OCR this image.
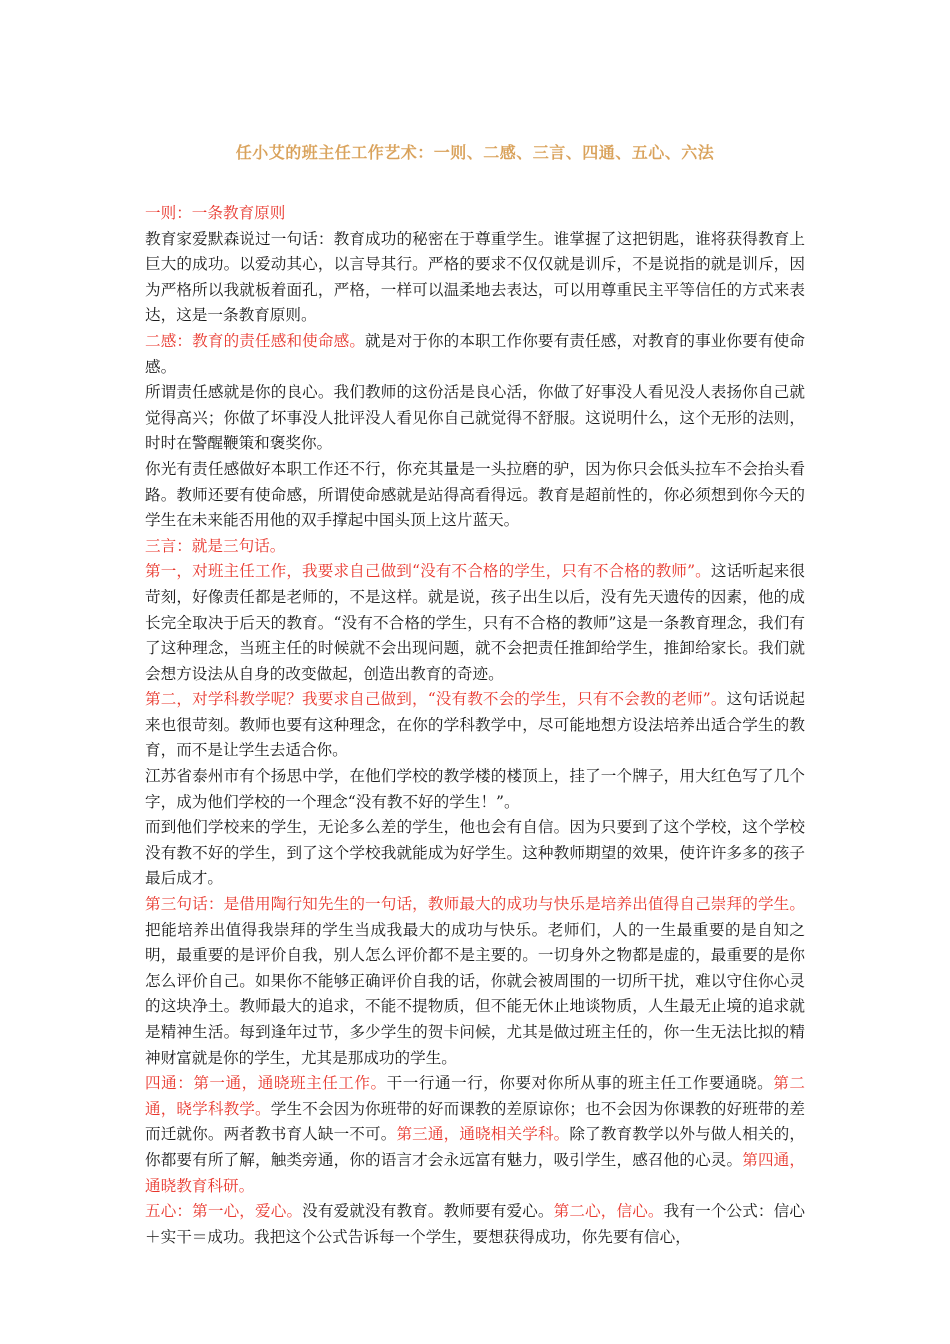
任小艾的班主任工作艺术：一则、二感、三言、四通、五心、六法

一则：一条教育原则

教育家爱默森说过一句话：教育成功的秘密在于尊重学生。谁掌握了这把钥匙，谁将获得教育上巨大的成功。以爱动其心，以言导其行。严格的要求不仅仅就是训斥，不是说指的就是训斥，因为严格所以我就板着面孔，严格，一样可以温柔地去表达，可以用尊重民主平等信任的方式来表达，这是一条教育原则。

二感：教育的责任感和使命感。就是对于你的本职工作你要有责任感，对教育的事业你要有使命感。

所谓责任感就是你的良心。我们教师的这份活是良心活，你做了好事没人看见没人表扬你自己就觉得高兴；你做了坏事没人批评没人看见你自己就觉得不舒服。这说明什么，这个无形的法则，时时在警醒鞭策和褒奖你。

你光有责任感做好本职工作还不行，你充其量是一头拉磨的驴，因为你只会低头拉车不会抬头看路。教师还要有使命感，所谓使命感就是站得高看得远。教育是超前性的，你必须想到你今天的学生在未来能否用他的双手撑起中国头顶上这片蓝天。

三言：就是三句话。

第一，对班主任工作，我要求自己做到“没有不合格的学生，只有不合格的教师”。这话听起来很苛刻，好像责任都是老师的，不是这样。就是说，孩子出生以后，没有先天遗传的因素，他的成长完全取决于后天的教育。“没有不合格的学生，只有不合格的教师”这是一条教育理念，我们有了这种理念，当班主任的时候就不会出现问题，就不会把责任推卸给学生，推卸给家长。我们就会想方设法从自身的改变做起，创造出教育的奇迹。

第二，对学科教学呢？我要求自己做到，“没有教不会的学生，只有不会教的老师”。这句话说起来也很苛刻。教师也要有这种理念，在你的学科教学中，尽可能地想方设法培养出适合学生的教育，而不是让学生去适合你。

江苏省泰州市有个扬思中学，在他们学校的教学楼的楼顶上，挂了一个牌子，用大红色写了几个字，成为他们学校的一个理念“没有教不好的学生！”。

而到他们学校来的学生，无论多么差的学生，他也会有自信。因为只要到了这个学校，这个学校没有教不好的学生，到了这个学校我就能成为好学生。这种教师期望的效果，使许许多多的孩子最后成才。

第三句话：是借用陶行知先生的一句话，教师最大的成功与快乐是培养出值得自己崇拜的学生。把能培养出值得我崇拜的学生当成我最大的成功与快乐。老师们，人的一生最重要的是自知之明，最重要的是评价自我，别人怎么评价都不是主要的。一切身外之物都是虚的，最重要的是你怎么评价自己。如果你不能够正确评价自我的话，你就会被周围的一切所干扰，难以守住你心灵的这块净土。教师最大的追求，不能不提物质，但不能无休止地谈物质，人生最无止境的追求就是精神生活。每到逢年过节，多少学生的贺卡问候，尤其是做过班主任的，你一生无法比拟的精神财富就是你的学生，尤其是那成功的学生。

四通：第一通，通晓班主任工作。干一行通一行，你要对你所从事的班主任工作要通晓。第二通，晓学科教学。学生不会因为你班带的好而课教的差原谅你；也不会因为你课教的好班带的差而迁就你。两者教书育人缺一不可。第三通，通晓相关学科。除了教育教学以外与做人相关的，你都要有所了解，触类旁通，你的语言才会永远富有魅力，吸引学生，感召他的心灵。第四通，通晓教育科研。

五心：第一心，爱心。没有爱就没有教育。教师要有爱心。第二心，信心。我有一个公式：信心＋实干＝成功。我把这个公式告诉每一个学生，要想获得成功，你先要有信心，
